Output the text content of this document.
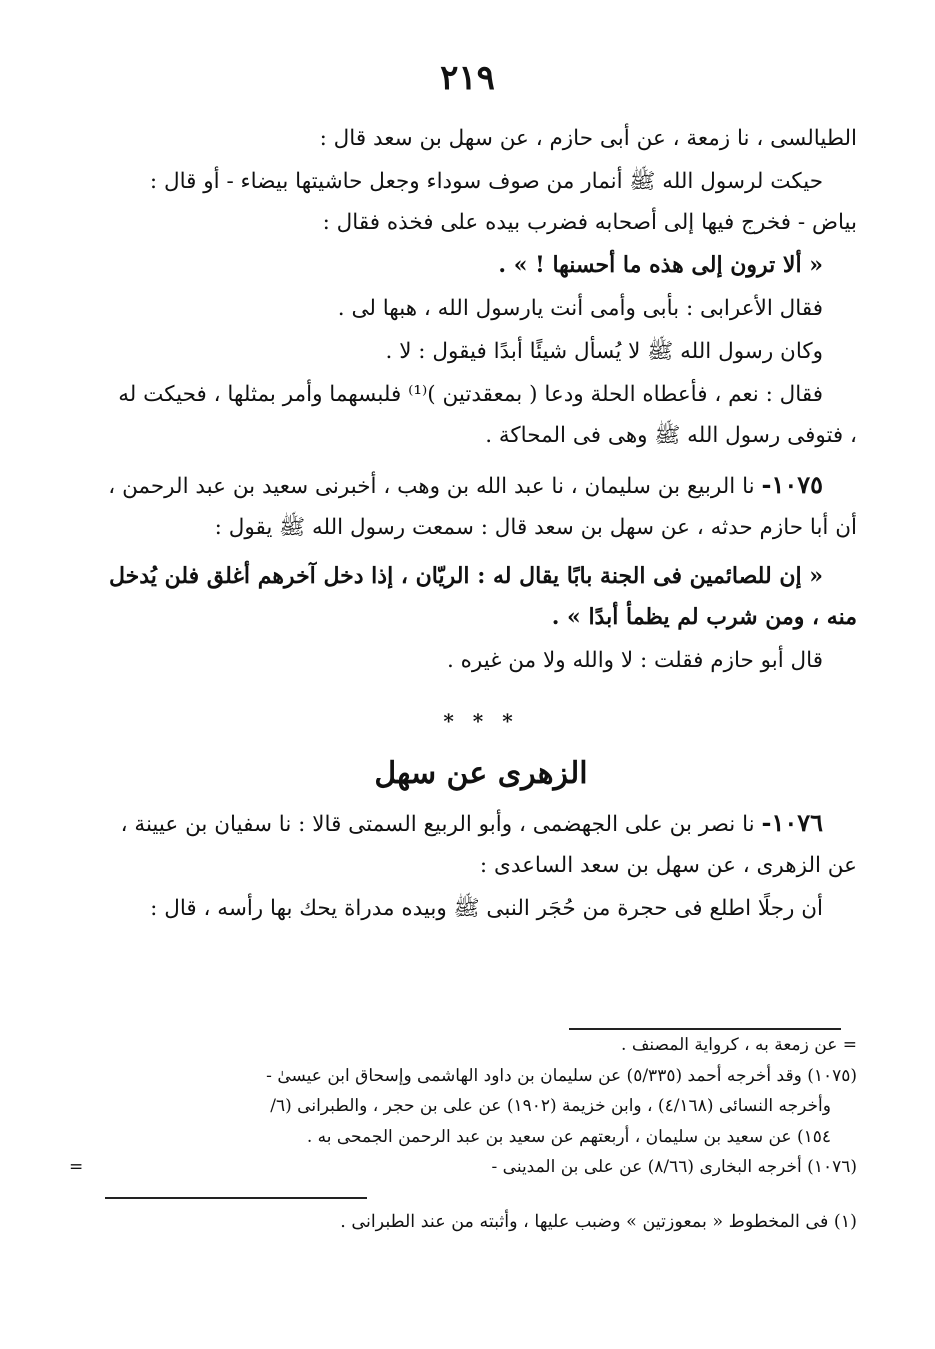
٢١٩

الطيالسى ، نا زمعة ، عن أبى حازم ، عن سهل بن سعد قال :

حيكت لرسول الله ﷺ أنمار من صوف سوداء وجعل حاشيتها بيضاء - أو قال : بياض - فخرج فيها إلى أصحابه فضرب بيده على فخذه فقال :

« ألا ترون إلى هذه ما أحسنها ! » .

فقال الأعرابى : بأبى وأمى أنت يارسول الله ، هبها لى .

وكان رسول الله ﷺ لا يُسأل شيئًا أبدًا فيقول : لا .

فقال : نعم ، فأعطاه الحلة ودعا ( بمعقدتين )⁽¹⁾ فلبسهما وأمر بمثلها ، فحيكت له ، فتوفى رسول الله ﷺ وهى فى المحاكة .

١٠٧٥- نا الربيع بن سليمان ، نا عبد الله بن وهب ، أخبرنى سعيد بن عبد الرحمن ، أن أبا حازم حدثه ، عن سهل بن سعد قال : سمعت رسول الله ﷺ يقول :

« إن للصائمين فى الجنة بابًا يقال له : الريّان ، إذا دخل آخرهم أغلق فلن يُدخل منه ، ومن شرب لم يظمأ أبدًا » .

قال أبو حازم فقلت : لا والله ولا من غيره .

* * *
الزهرى عن سهل

١٠٧٦- نا نصر بن على الجهضمى ، وأبو الربيع السمتى قالا : نا سفيان بن عيينة ، عن الزهرى ، عن سهل بن سعد الساعدى :

أن رجلًا اطلع فى حجرة من حُجَر النبى ﷺ وبيده مدراة يحك بها رأسه ، قال :

= عن زمعة به ، كرواية المصنف .
(١٠٧٥) وقد أخرجه أحمد (٥/٣٣٥) عن سليمان بن داود الهاشمى وإسحاق ابن عيسىٰ -
وأخرجه النسائى (٤/١٦٨) ، وابن خزيمة (١٩٠٢) عن على بن حجر ، والطبرانى (٦/
١٥٤) عن سعيد بن سليمان ، أربعتهم عن سعيد بن عبد الرحمن الجمحى به .
(١٠٧٦) أخرجه البخارى (٨/٦٦) عن على بن المدينى -
=
(١) فى المخطوط « بمعوزتين » وضبب عليها ، وأثبته من عند الطبرانى .
